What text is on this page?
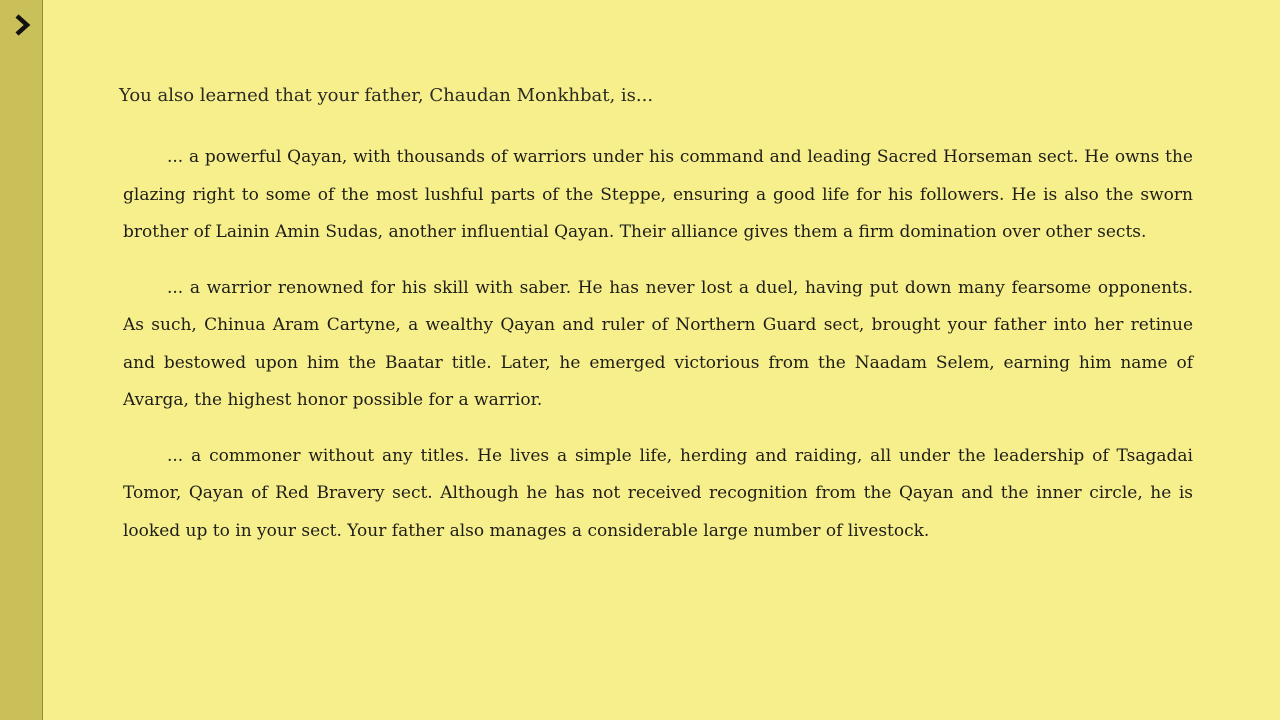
You also learned that your father, Chaudan Monkhbat, is...

... a powerful Qayan, with thousands of warriors under his command and leading Sacred Horseman sect. He owns the glazing right to some of the most lushful parts of the Steppe, ensuring a good life for his followers. He is also the sworn brother of Lainin Amin Sudas, another influential Qayan. Their alliance gives them a firm domination over other sects.

... a warrior renowned for his skill with saber. He has never lost a duel, having put down many fearsome opponents. As such, Chinua Aram Cartyne, a wealthy Qayan and ruler of Northern Guard sect, brought your father into her retinue and bestowed upon him the Baatar title. Later, he emerged victorious from the Naadam Selem, earning him name of Avarga, the highest honor possible for a warrior.

... a commoner without any titles. He lives a simple life, herding and raiding, all under the leadership of Tsagadai Tomor, Qayan of Red Bravery sect. Although he has not received recognition from the Qayan and the inner circle, he is looked up to in your sect. Your father also manages a considerable large number of livestock.
